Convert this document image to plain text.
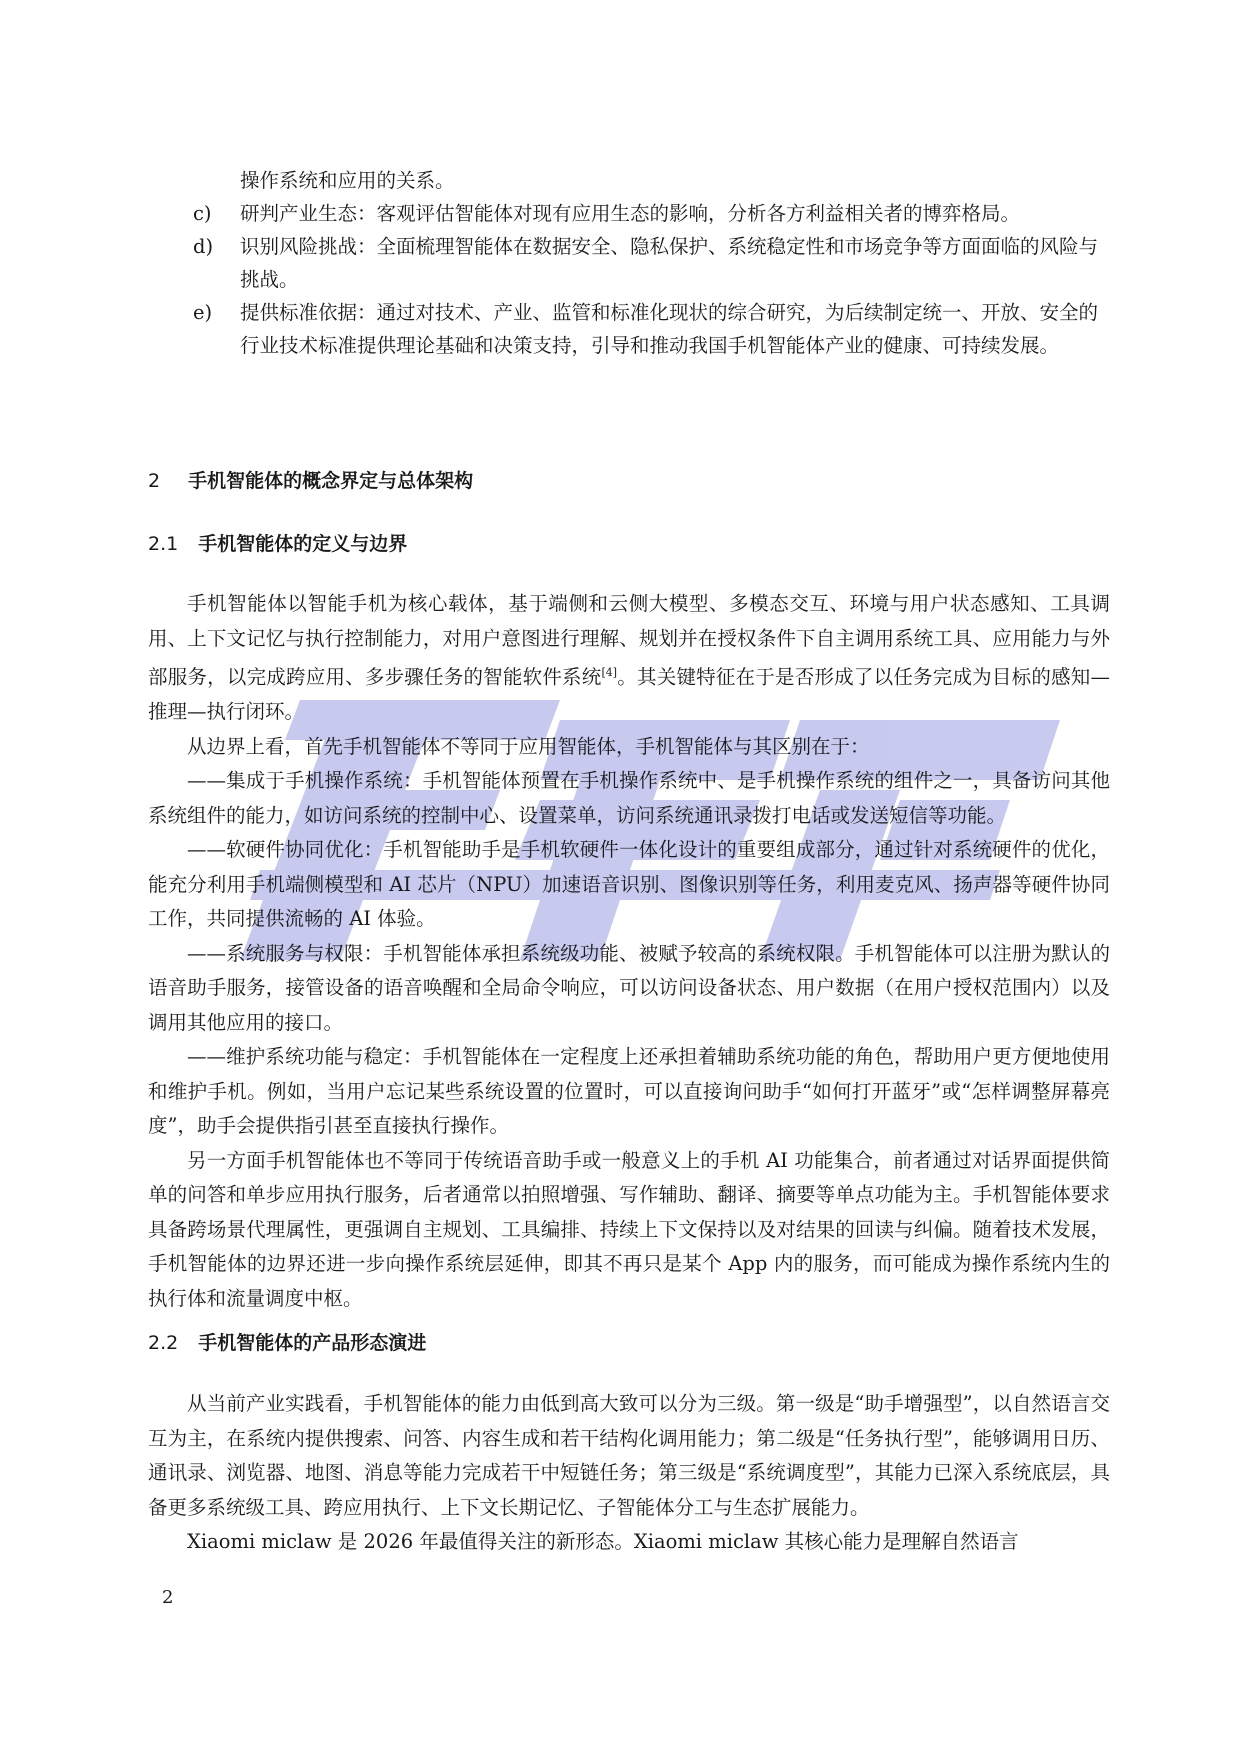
操作系统和应用的关系。
c) 研判产业生态：客观评估智能体对现有应用生态的影响，分析各方利益相关者的博弈格局。
d) 识别风险挑战：全面梳理智能体在数据安全、隐私保护、系统稳定性和市场竞争等方面面临的风险与挑战。
e) 提供标准依据：通过对技术、产业、监管和标准化现状的综合研究，为后续制定统一、开放、安全的行业技术标准提供理论基础和决策支持，引导和推动我国手机智能体产业的健康、可持续发展。
2 手机智能体的概念界定与总体架构
2.1 手机智能体的定义与边界

手机智能体以智能手机为核心载体，基于端侧和云侧大模型、多模态交互、环境与用户状态感知、工具调用、上下文记忆与执行控制能力，对用户意图进行理解、规划并在授权条件下自主调用系统工具、应用能力与外部服务，以完成跨应用、多步骤任务的智能软件系统[4]。其关键特征在于是否形成了以任务完成为目标的感知—推理—执行闭环。

从边界上看，首先手机智能体不等同于应用智能体，手机智能体与其区别在于：

——集成于手机操作系统：手机智能体预置在手机操作系统中、是手机操作系统的组件之一，具备访问其他系统组件的能力，如访问系统的控制中心、设置菜单，访问系统通讯录拨打电话或发送短信等功能。

——软硬件协同优化：手机智能助手是手机软硬件一体化设计的重要组成部分，通过针对系统硬件的优化，能充分利用手机端侧模型和 AI 芯片（NPU）加速语音识别、图像识别等任务，利用麦克风、扬声器等硬件协同工作，共同提供流畅的 AI 体验。

——系统服务与权限：手机智能体承担系统级功能、被赋予较高的系统权限。手机智能体可以注册为默认的语音助手服务，接管设备的语音唤醒和全局命令响应，可以访问设备状态、用户数据（在用户授权范围内）以及调用其他应用的接口。

——维护系统功能与稳定：手机智能体在一定程度上还承担着辅助系统功能的角色，帮助用户更方便地使用和维护手机。例如，当用户忘记某些系统设置的位置时，可以直接询问助手“如何打开蓝牙”或“怎样调整屏幕亮度”，助手会提供指引甚至直接执行操作。

另一方面手机智能体也不等同于传统语音助手或一般意义上的手机 AI 功能集合，前者通过对话界面提供简单的问答和单步应用执行服务，后者通常以拍照增强、写作辅助、翻译、摘要等单点功能为主。手机智能体要求具备跨场景代理属性，更强调自主规划、工具编排、持续上下文保持以及对结果的回读与纠偏。随着技术发展，手机智能体的边界还进一步向操作系统层延伸，即其不再只是某个 App 内的服务，而可能成为操作系统内生的执行体和流量调度中枢。

2.2 手机智能体的产品形态演进

从当前产业实践看，手机智能体的能力由低到高大致可以分为三级。第一级是“助手增强型”，以自然语言交互为主，在系统内提供搜索、问答、内容生成和若干结构化调用能力；第二级是“任务执行型”，能够调用日历、通讯录、浏览器、地图、消息等能力完成若干中短链任务；第三级是“系统调度型”，其能力已深入系统底层，具备更多系统级工具、跨应用执行、上下文长期记忆、子智能体分工与生态扩展能力。

Xiaomi miclaw 是 2026 年最值得关注的新形态。Xiaomi miclaw 其核心能力是理解自然语言

2
